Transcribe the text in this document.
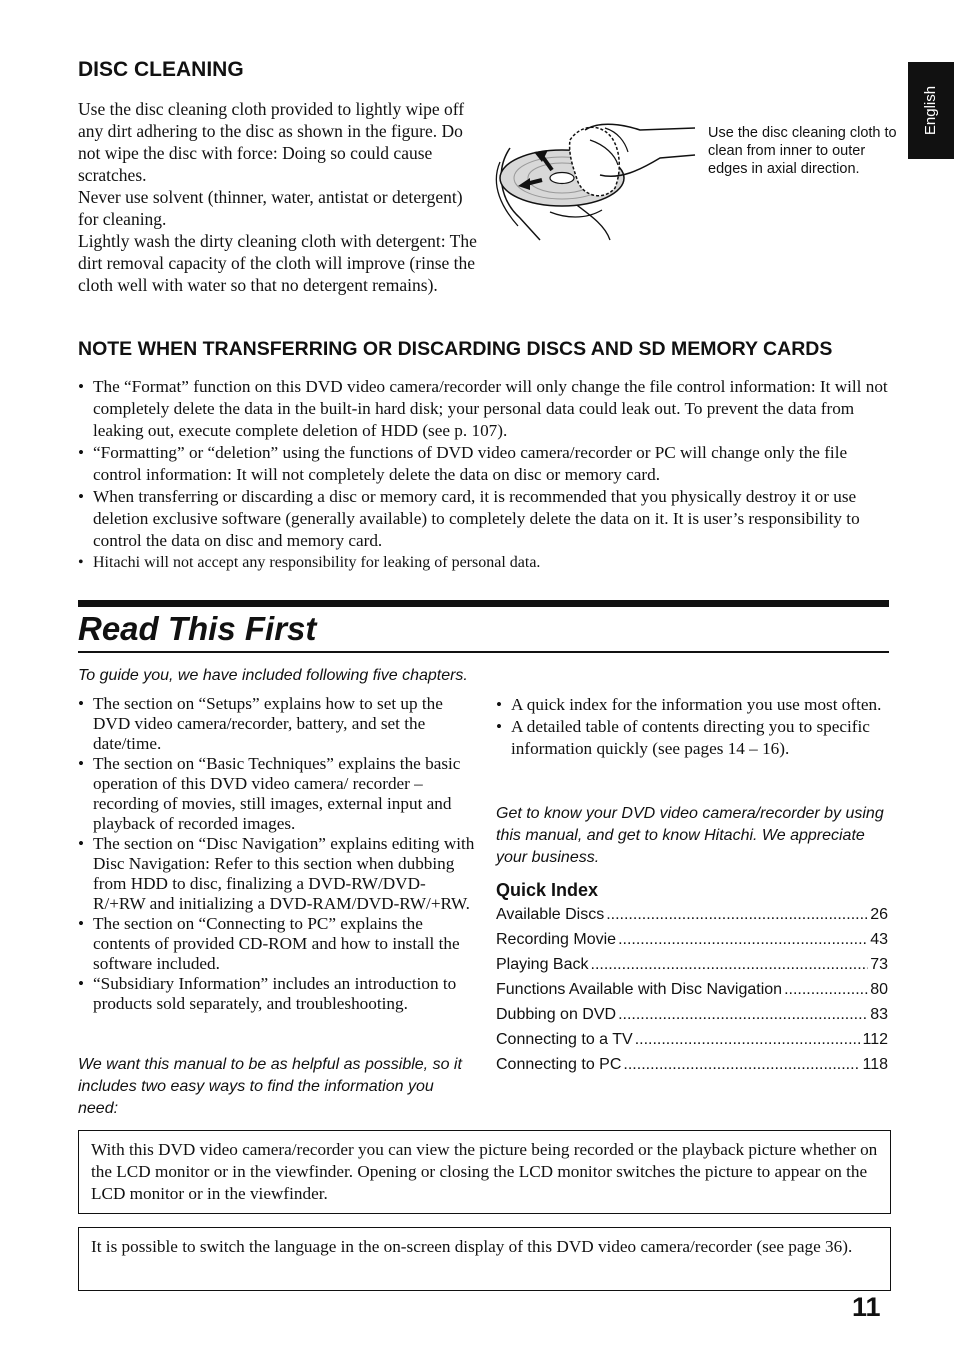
English
DISC CLEANING

Use the disc cleaning cloth provided to lightly wipe off any dirt adhering to the disc as shown in the figure. Do not wipe the disc with force: Doing so could cause scratches.

Never use solvent (thinner, water, antistat or detergent) for cleaning.

Lightly wash the dirty cleaning cloth with detergent: The dirt removal capacity of the cloth will improve (rinse the cloth well with water so that no detergent remains).

Use the disc cleaning cloth to clean from inner to outer edges in axial direction.
NOTE WHEN TRANSFERRING OR DISCARDING DISCS AND SD MEMORY CARDS
• The “Format” function on this DVD video camera/recorder will only change the file control information: It will not completely delete the data in the built-in hard disk; your personal data could leak out. To prevent the data from leaking out, execute complete deletion of HDD (see p. 107).
• “Formatting” or “deletion” using the functions of DVD video camera/recorder or PC will change only the file control information: It will not completely delete the data on disc or memory card.
• When transferring or discarding a disc or memory card, it is recommended that you physically destroy it or use deletion exclusive software (generally available) to completely delete the data on it. It is user’s responsibility to control the data on disc and memory card.
• Hitachi will not accept any responsibility for leaking of personal data.
Read This First
To guide you, we have included following five chapters.
• The section on “Setups” explains how to set up the DVD video camera/recorder, battery, and set the date/time.
• The section on “Basic Techniques” explains the basic operation of this DVD video camera/ recorder – recording of movies, still images, external input and playback of recorded images.
• The section on “Disc Navigation” explains editing with Disc Navigation: Refer to this section when dubbing from HDD to disc, finalizing a DVD-RW/DVD-R/+RW and initializing a DVD-RAM/DVD-RW/+RW.
• The section on “Connecting to PC” explains the contents of provided CD-ROM and how to install the software included.
• “Subsidiary Information” includes an introduction to products sold separately, and troubleshooting.
We want this manual to be as helpful as possible, so it includes two easy ways to find the information you need:
• A quick index for the information you use most often.
• A detailed table of contents directing you to specific information quickly (see pages 14 – 16).
Get to know your DVD video camera/recorder by using this manual, and get to know Hitachi. We appreciate your business.
Quick Index
Available Discs .....	26
Recording Movie .....	43
Playing Back .....	73
Functions Available with Disc Navigation .....	80
Dubbing on DVD .....	83
Connecting to a TV .....	112
Connecting to PC .....	118
With this DVD video camera/recorder you can view the picture being recorded or the playback picture whether on the LCD monitor or in the viewfinder. Opening or closing the LCD monitor switches the picture to appear on the LCD monitor or in the viewfinder.
It is possible to switch the language in the on-screen display of this DVD video camera/recorder (see page 36).
11
